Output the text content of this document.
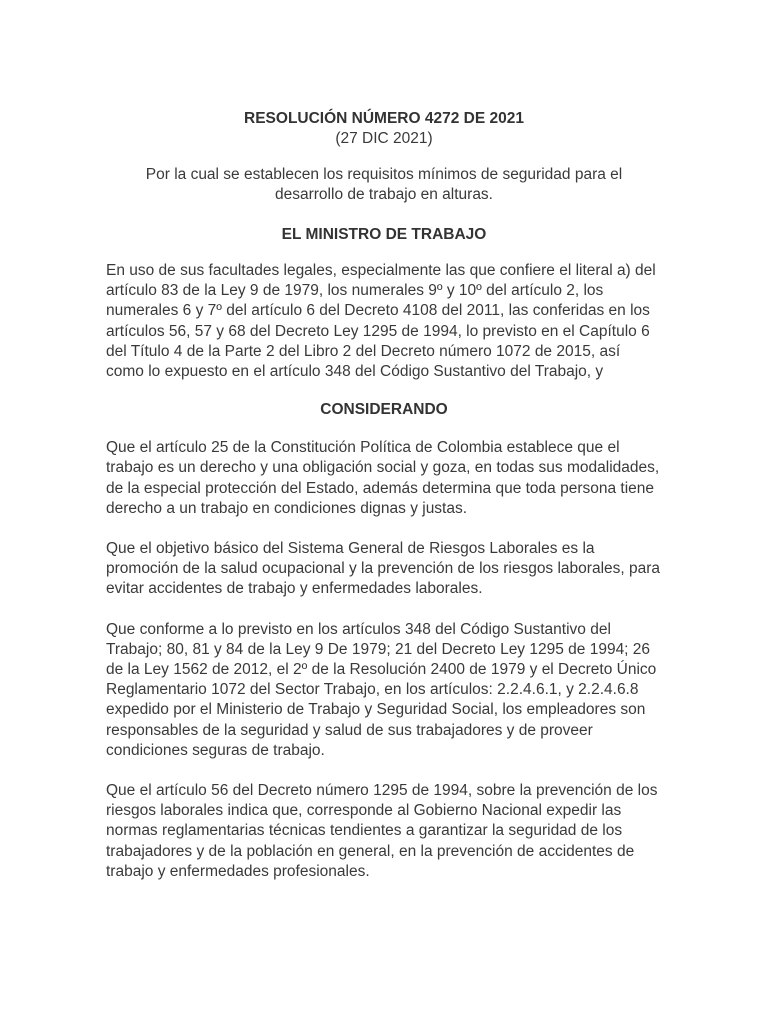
RESOLUCIÓN NÚMERO 4272 DE 2021

(27 DIC 2021)

Por la cual se establecen los requisitos mínimos de seguridad para el
desarrollo de trabajo en alturas.

EL MINISTRO DE TRABAJO

En uso de sus facultades legales, especialmente las que confiere el literal a) del artículo 83 de la Ley 9 de 1979, los numerales 9º y 10º del artículo 2, los numerales 6 y 7º del artículo 6 del Decreto 4108 del 2011, las conferidas en los artículos 56, 57 y 68 del Decreto Ley 1295 de 1994, lo previsto en el Capítulo 6 del Título 4 de la Parte 2 del Libro 2 del Decreto número 1072 de 2015, así como lo expuesto en el artículo 348 del Código Sustantivo del Trabajo, y

CONSIDERANDO

Que el artículo 25 de la Constitución Política de Colombia establece que el trabajo es un derecho y una obligación social y goza, en todas sus modalidades, de la especial protección del Estado, además determina que toda persona tiene derecho a un trabajo en condiciones dignas y justas.

Que el objetivo básico del Sistema General de Riesgos Laborales es la promoción de la salud ocupacional y la prevención de los riesgos laborales, para evitar accidentes de trabajo y enfermedades laborales.

Que conforme a lo previsto en los artículos 348 del Código Sustantivo del Trabajo; 80, 81 y 84 de la Ley 9 De 1979; 21 del Decreto Ley 1295 de 1994; 26 de la Ley 1562 de 2012, el 2º de la Resolución 2400 de 1979 y el Decreto Único Reglamentario 1072 del Sector Trabajo, en los artículos: 2.2.4.6.1, y 2.2.4.6.8 expedido por el Ministerio de Trabajo y Seguridad Social, los empleadores son responsables de la seguridad y salud de sus trabajadores y de proveer condiciones seguras de trabajo.

Que el artículo 56 del Decreto número 1295 de 1994, sobre la prevención de los riesgos laborales indica que, corresponde al Gobierno Nacional expedir las normas reglamentarias técnicas tendientes a garantizar la seguridad de los trabajadores y de la población en general, en la prevención de accidentes de trabajo y enfermedades profesionales.
